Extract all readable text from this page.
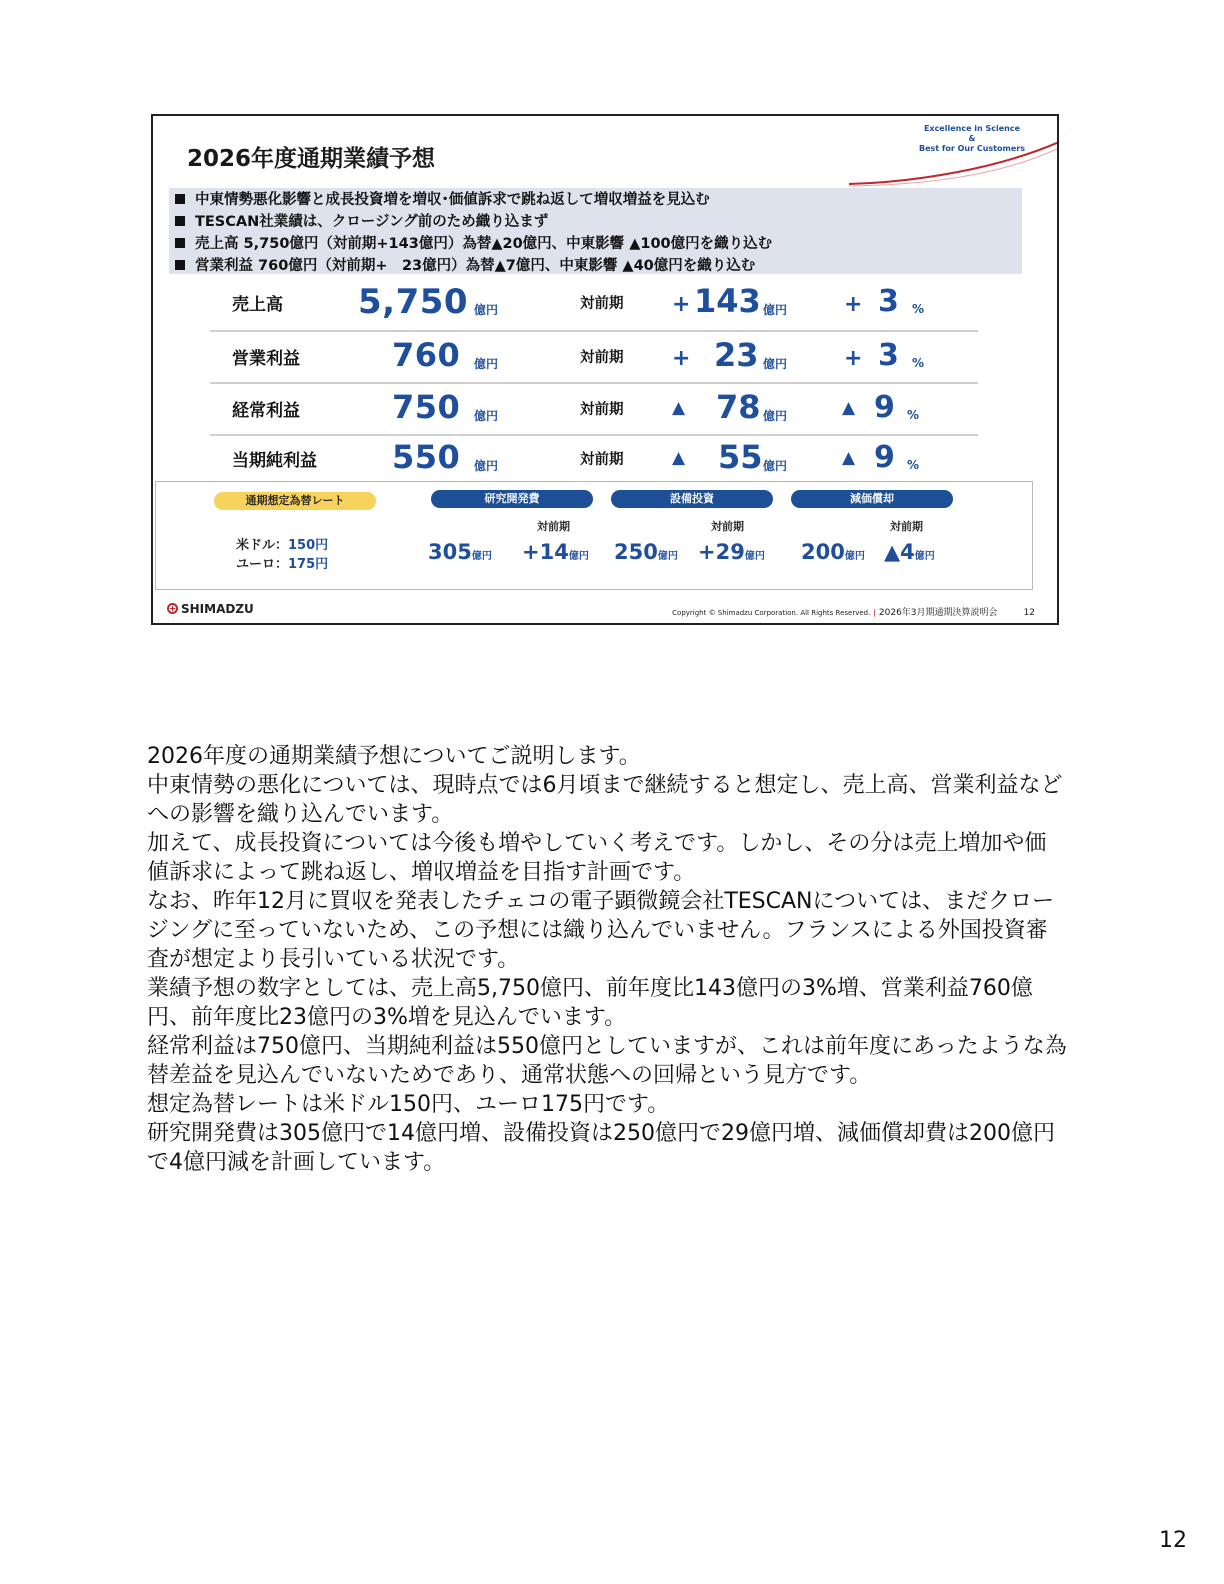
2026年度通期業績予想
Excellence in Science
&
Best for Our Customers
中東情勢悪化影響と成長投資増を増収･価値訴求で跳ね返して増収増益を見込む
TESCAN社業績は、クロージング前のため織り込まず
売上高 5,750億円（対前期+143億円）為替▲20億円、中東影響 ▲100億円を織り込む
営業利益 760億円（対前期+　23億円）為替▲7億円、中東影響 ▲40億円を織り込む
売上高 5,750 億円	対前期 + 143 億円	+ 3 %
営業利益	760 億円	対前期 + 23 億円	+ 3 %
経常利益	750 億円	対前期	▲ 78 億円	▲ 9 %
当期純利益 550 億円	対前期	▲ 55 億円	▲ 9 %
通期想定為替レート
米ドル：150円
ユーロ：175円
研究開発費
対前期
305億円 +14億円
設備投資
対前期
250億円 +29億円
減価償却
対前期
200億円 ▲4億円
SHIMADZU	Copyright © Shimadzu Corporation. All Rights Reserved. | 2026年3月期通期決算説明会	12

2026年度の通期業績予想についてご説明します。

中東情勢の悪化については、現時点では6月頃まで継続すると想定し、売上高、営業利益などへの影響を織り込んでいます。

加えて、成長投資については今後も増やしていく考えです。しかし、その分は売上増加や価値訴求によって跳ね返し、増収増益を目指す計画です。

なお、昨年12月に買収を発表したチェコの電子顕微鏡会社TESCANについては、まだクロージングに至っていないため、この予想には織り込んでいません。フランスによる外国投資審査が想定より長引いている状況です。

業績予想の数字としては、売上高5,750億円、前年度比143億円の3%増、営業利益760億円、前年度比23億円の3%増を見込んでいます。

経常利益は750億円、当期純利益は550億円としていますが、これは前年度にあったような為替差益を見込んでいないためであり、通常状態への回帰という見方です。

想定為替レートは米ドル150円、ユーロ175円です。

研究開発費は305億円で14億円増、設備投資は250億円で29億円増、減価償却費は200億円で4億円減を計画しています。

12
